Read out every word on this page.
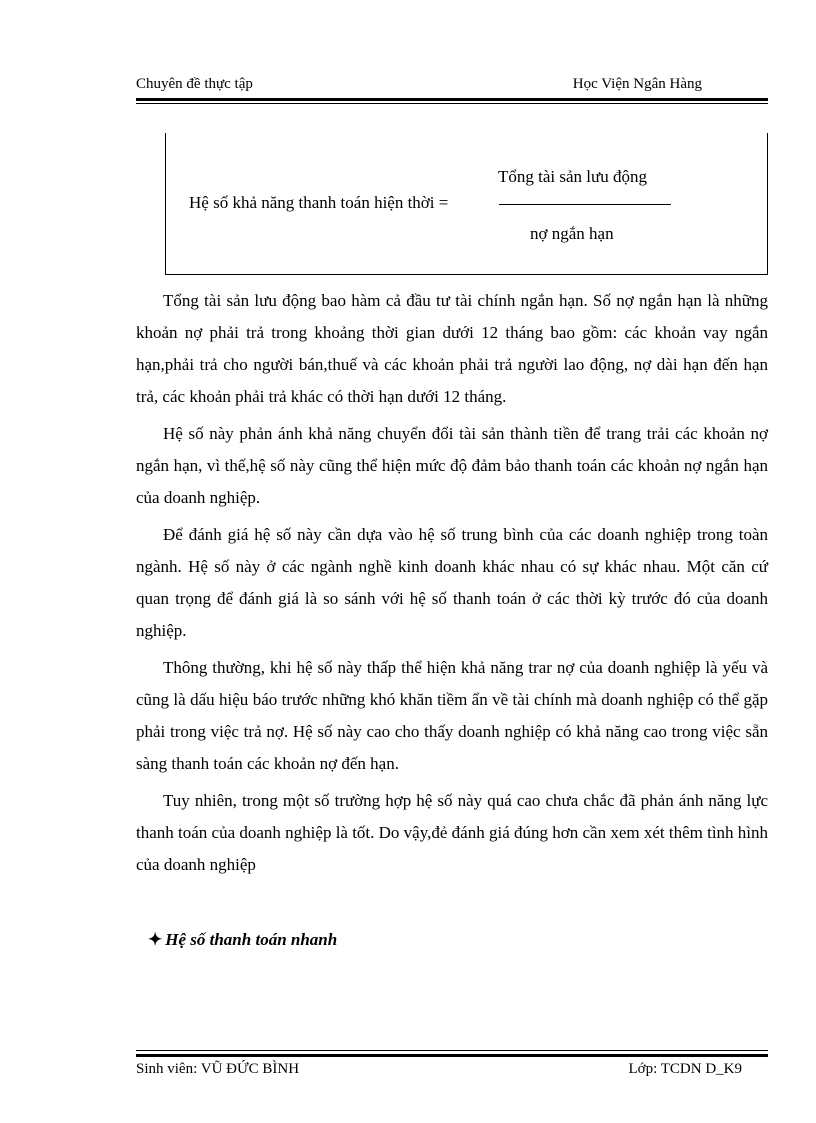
Chuyên đề thực tập	Học Viện Ngân Hàng
Hệ số khả năng thanh toán hiện thời =
Tổng tài sản lưu động
nợ ngắn hạn

Tổng tài sản lưu động bao hàm cả đầu tư tài chính ngắn hạn. Số nợ ngắn hạn là những khoản nợ phải trả trong khoảng thời gian dưới 12 tháng bao gồm: các khoản vay ngắn hạn,phải trả cho người bán,thuế và các khoản phải trả người lao động, nợ dài hạn đến hạn trả, các khoản phải trả khác có thời hạn dưới 12 tháng.

Hệ số này phản ánh khả năng chuyển đổi tài sản thành tiền để trang trải các khoản nợ ngắn hạn, vì thế,hệ số này cũng thể hiện mức độ đảm bảo thanh toán các khoản nợ ngắn hạn của doanh nghiệp.

Để đánh giá hệ số này cần dựa vào hệ số trung bình của các doanh nghiệp trong toàn ngành. Hệ số này ở các ngành nghề kinh doanh khác nhau có sự khác nhau. Một căn cứ quan trọng để đánh giá là so sánh với hệ số thanh toán ở các thời kỳ trước đó của doanh nghiệp.

Thông thường, khi hệ số này thấp thể hiện khả năng trar nợ của doanh nghiệp là yếu và cũng là dấu hiệu báo trước những khó khăn tiềm ẩn về tài chính mà doanh nghiệp có thể gặp phải trong việc trả nợ. Hệ số này cao cho thấy doanh nghiệp có khả năng cao trong việc sẵn sàng thanh toán các khoản nợ đến hạn.

Tuy nhiên, trong một số trường hợp hệ số này quá cao chưa chắc đã phản ánh năng lực thanh toán của doanh nghiệp là tốt. Do vậy,đẻ đánh giá đúng hơn cần xem xét thêm tình hình của doanh nghiệp

✦ Hệ số thanh toán nhanh
Sinh viên: VŨ ĐỨC BÌNH	Lớp: TCDN D_K9
